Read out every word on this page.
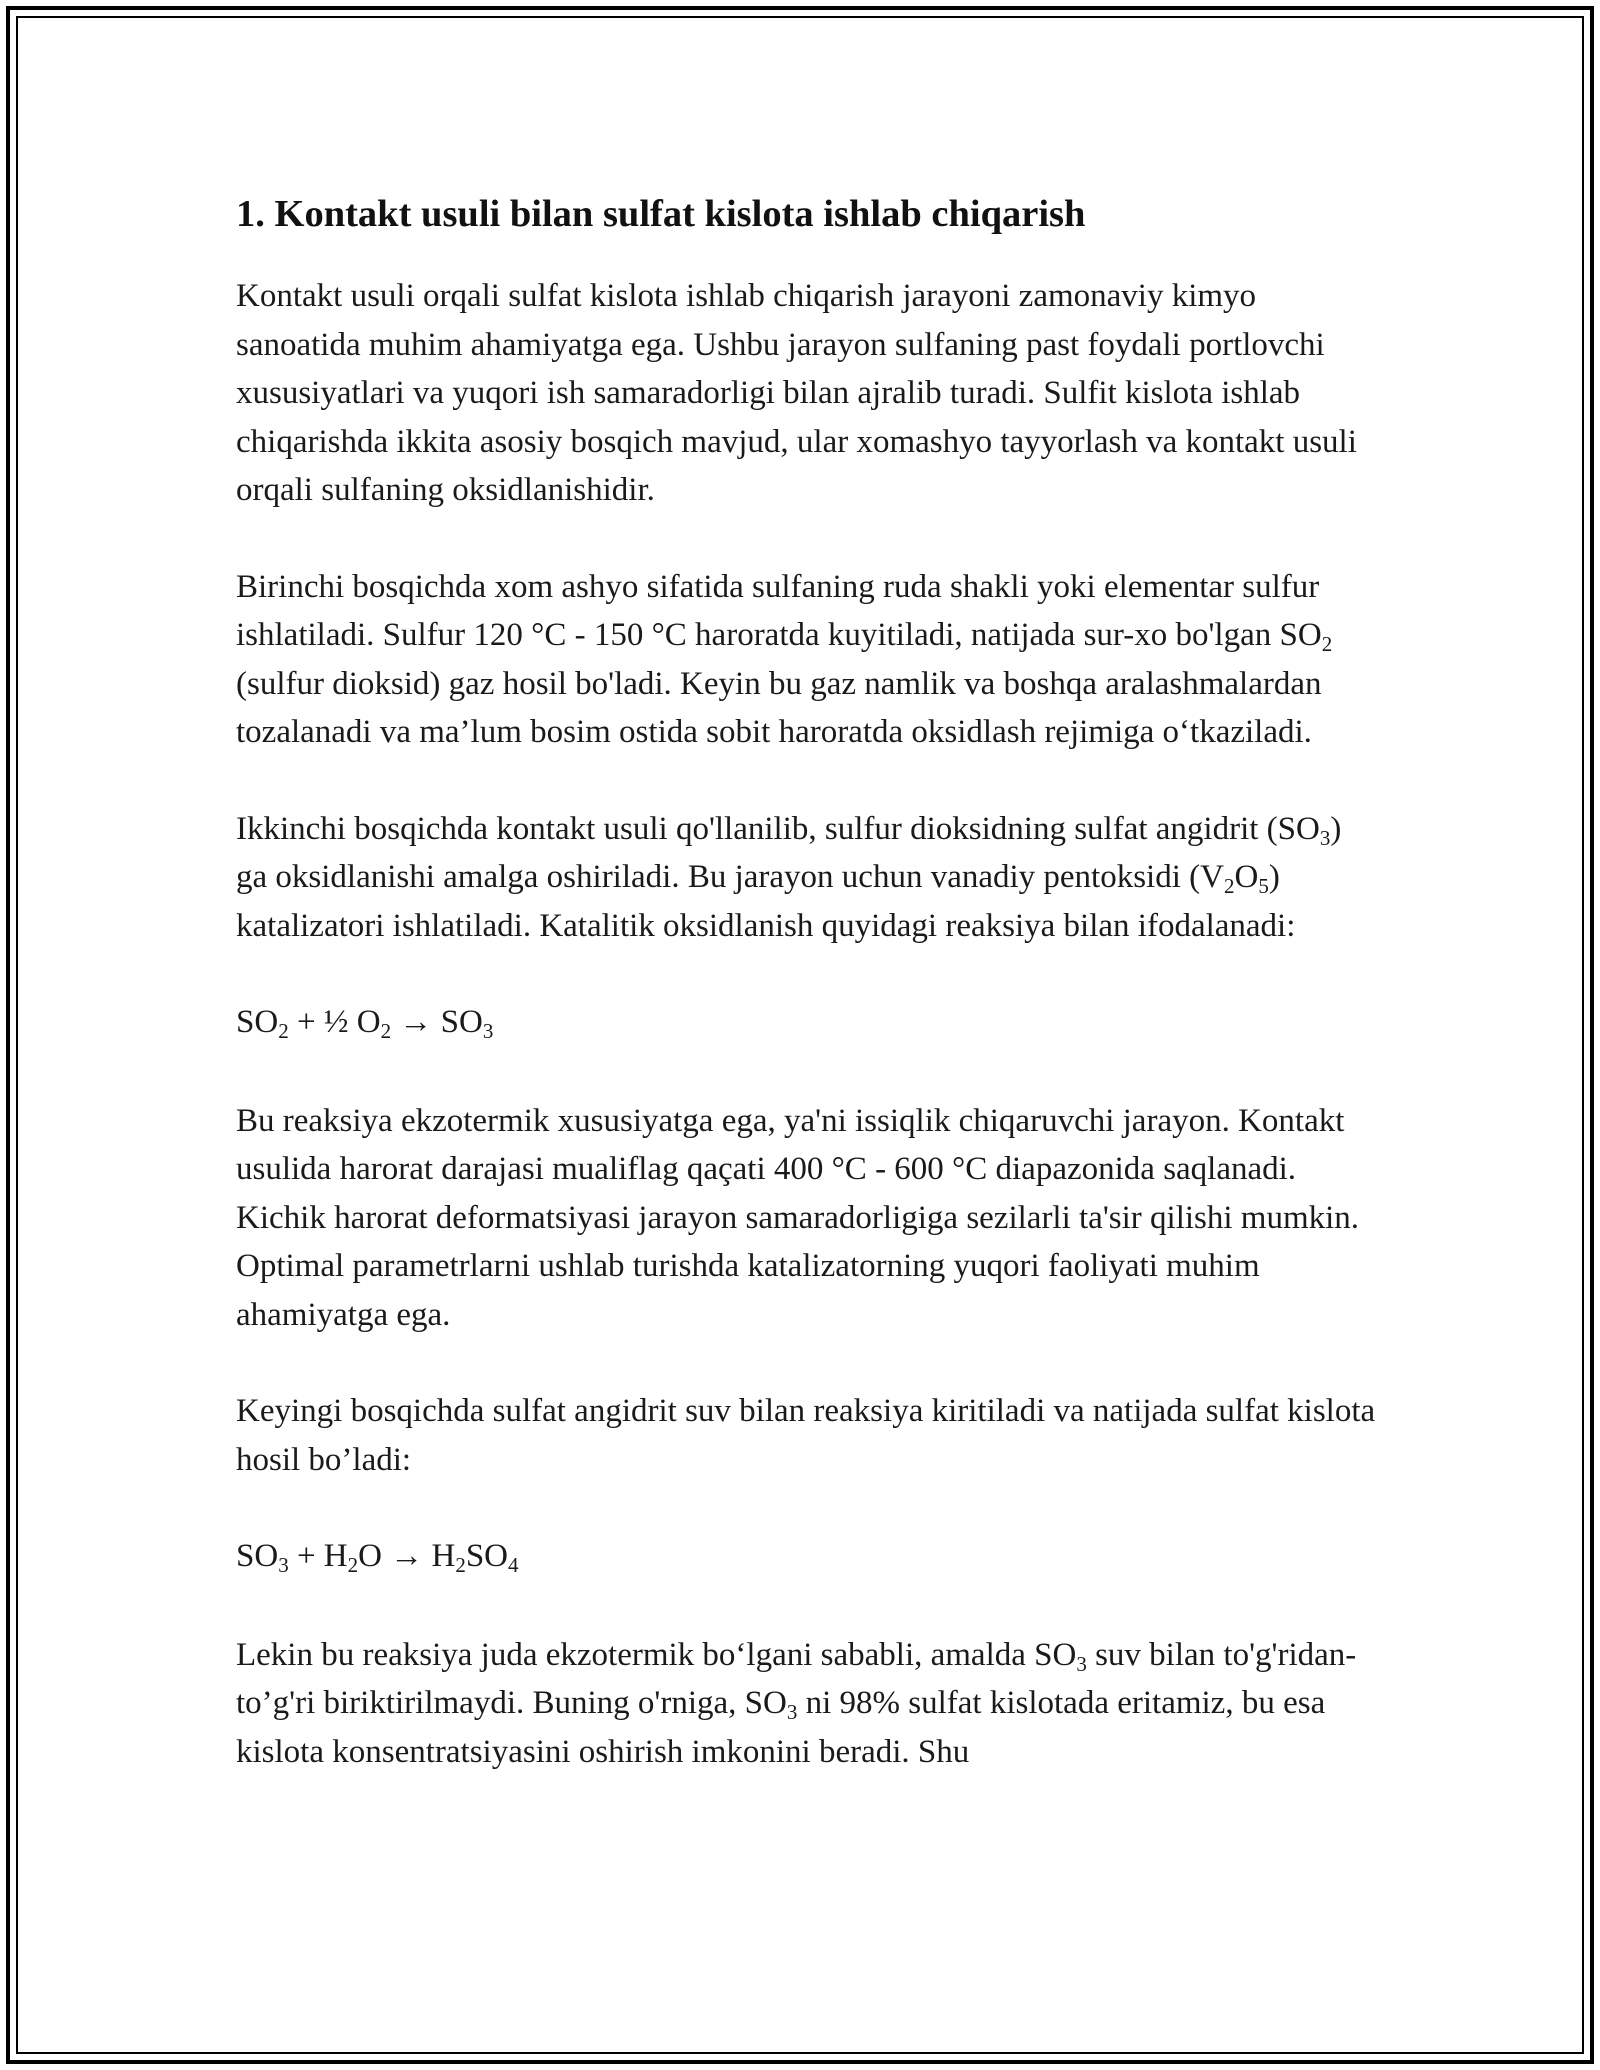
1. Kontakt usuli bilan sulfat kislota ishlab chiqarish

Kontakt usuli orqali sulfat kislota ishlab chiqarish jarayoni zamonaviy kimyo sanoatida muhim ahamiyatga ega. Ushbu jarayon sulfaning past foydali portlovchi xususiyatlari va yuqori ish samaradorligi bilan ajralib turadi. Sulfit kislota ishlab chiqarishda ikkita asosiy bosqich mavjud, ular xomashyo tayyorlash va kontakt usuli orqali sulfaning oksidlanishidir.

Birinchi bosqichda xom ashyo sifatida sulfaning ruda shakli yoki elementar sulfur ishlatiladi. Sulfur 120 °C - 150 °C haroratda kuyitiladi, natijada sur-xo bo'lgan $SO_2$ (sulfur dioksid) gaz hosil bo'ladi. Keyin bu gaz namlik va boshqa aralashmalardan tozalanadi va ma’lum bosim ostida sobit haroratda oksidlash rejimiga o‘tkaziladi.

Ikkinchi bosqichda kontakt usuli qo'llanilib, sulfur dioksidning sulfat angidrit $(SO_3)$ ga oksidlanishi amalga oshiriladi. Bu jarayon uchun vanadiy pentoksidi $(V_2O_5)$ katalizatori ishlatiladi. Katalitik oksidlanish quyidagi reaksiya bilan ifodalanadi:

$SO_2$ + ½ $O_2 \to SO_3$

Bu reaksiya ekzotermik xususiyatga ega, ya'ni issiqlik chiqaruvchi jarayon. Kontakt usulida harorat darajasi mualiflag qaçati 400 °C - 600 °C diapazonida saqlanadi. Kichik harorat deformatsiyasi jarayon samaradorligiga sezilarli ta'sir qilishi mumkin. Optimal parametrlarni ushlab turishda katalizatorning yuqori faoliyati muhim ahamiyatga ega.

Keyingi bosqichda sulfat angidrit suv bilan reaksiya kiritiladi va natijada sulfat kislota hosil bo’ladi:

$SO_3 + H_2O \to H_2SO_4$

Lekin bu reaksiya juda ekzotermik bo‘lgani sababli, amalda $SO_3$ suv bilan to'g'ridan-to’g'ri biriktirilmaydi. Buning o'rniga, $SO_3$ ni 98% sulfat kislotada eritamiz, bu esa kislota konsentratsiyasini oshirish imkonini beradi. Shu
